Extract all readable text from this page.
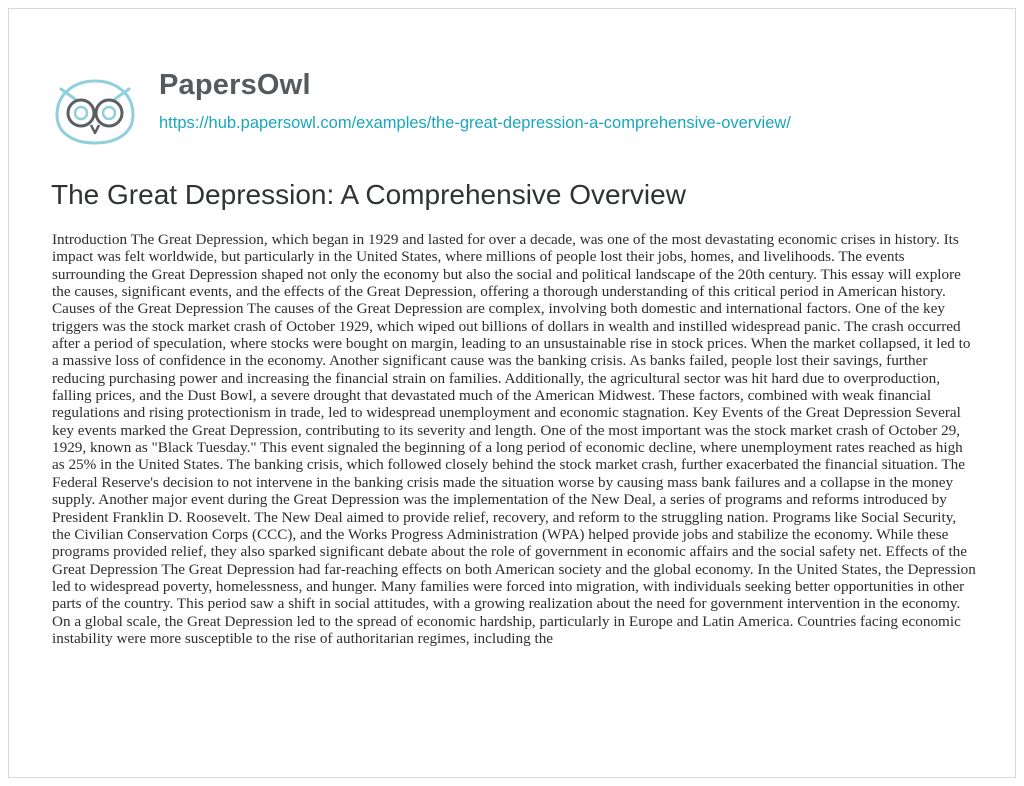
PapersOwl
https://hub.papersowl.com/examples/the-great-depression-a-comprehensive-overview/
The Great Depression: A Comprehensive Overview

Introduction The Great Depression, which began in 1929 and lasted for over a decade, was one of the most devastating economic crises in history. Its impact was felt worldwide, but particularly in the United States, where millions of people lost their jobs, homes, and livelihoods. The events surrounding the Great Depression shaped not only the economy but also the social and political landscape of the 20th century. This essay will explore the causes, significant events, and the effects of the Great Depression, offering a thorough understanding of this critical period in American history. Causes of the Great Depression The causes of the Great Depression are complex, involving both domestic and international factors. One of the key triggers was the stock market crash of October 1929, which wiped out billions of dollars in wealth and instilled widespread panic. The crash occurred after a period of speculation, where stocks were bought on margin, leading to an unsustainable rise in stock prices. When the market collapsed, it led to a massive loss of confidence in the economy. Another significant cause was the banking crisis. As banks failed, people lost their savings, further reducing purchasing power and increasing the financial strain on families. Additionally, the agricultural sector was hit hard due to overproduction, falling prices, and the Dust Bowl, a severe drought that devastated much of the American Midwest. These factors, combined with weak financial regulations and rising protectionism in trade, led to widespread unemployment and economic stagnation. Key Events of the Great Depression Several key events marked the Great Depression, contributing to its severity and length. One of the most important was the stock market crash of October 29, 1929, known as "Black Tuesday." This event signaled the beginning of a long period of economic decline, where unemployment rates reached as high as 25% in the United States. The banking crisis, which followed closely behind the stock market crash, further exacerbated the financial situation. The Federal Reserve's decision to not intervene in the banking crisis made the situation worse by causing mass bank failures and a collapse in the money supply. Another major event during the Great Depression was the implementation of the New Deal, a series of programs and reforms introduced by President Franklin D. Roosevelt. The New Deal aimed to provide relief, recovery, and reform to the struggling nation. Programs like Social Security, the Civilian Conservation Corps (CCC), and the Works Progress Administration (WPA) helped provide jobs and stabilize the economy. While these programs provided relief, they also sparked significant debate about the role of government in economic affairs and the social safety net. Effects of the Great Depression The Great Depression had far-reaching effects on both American society and the global economy. In the United States, the Depression led to widespread poverty, homelessness, and hunger. Many families were forced into migration, with individuals seeking better opportunities in other parts of the country. This period saw a shift in social attitudes, with a growing realization about the need for government intervention in the economy. On a global scale, the Great Depression led to the spread of economic hardship, particularly in Europe and Latin America. Countries facing economic instability were more susceptible to the rise of authoritarian regimes, including the
